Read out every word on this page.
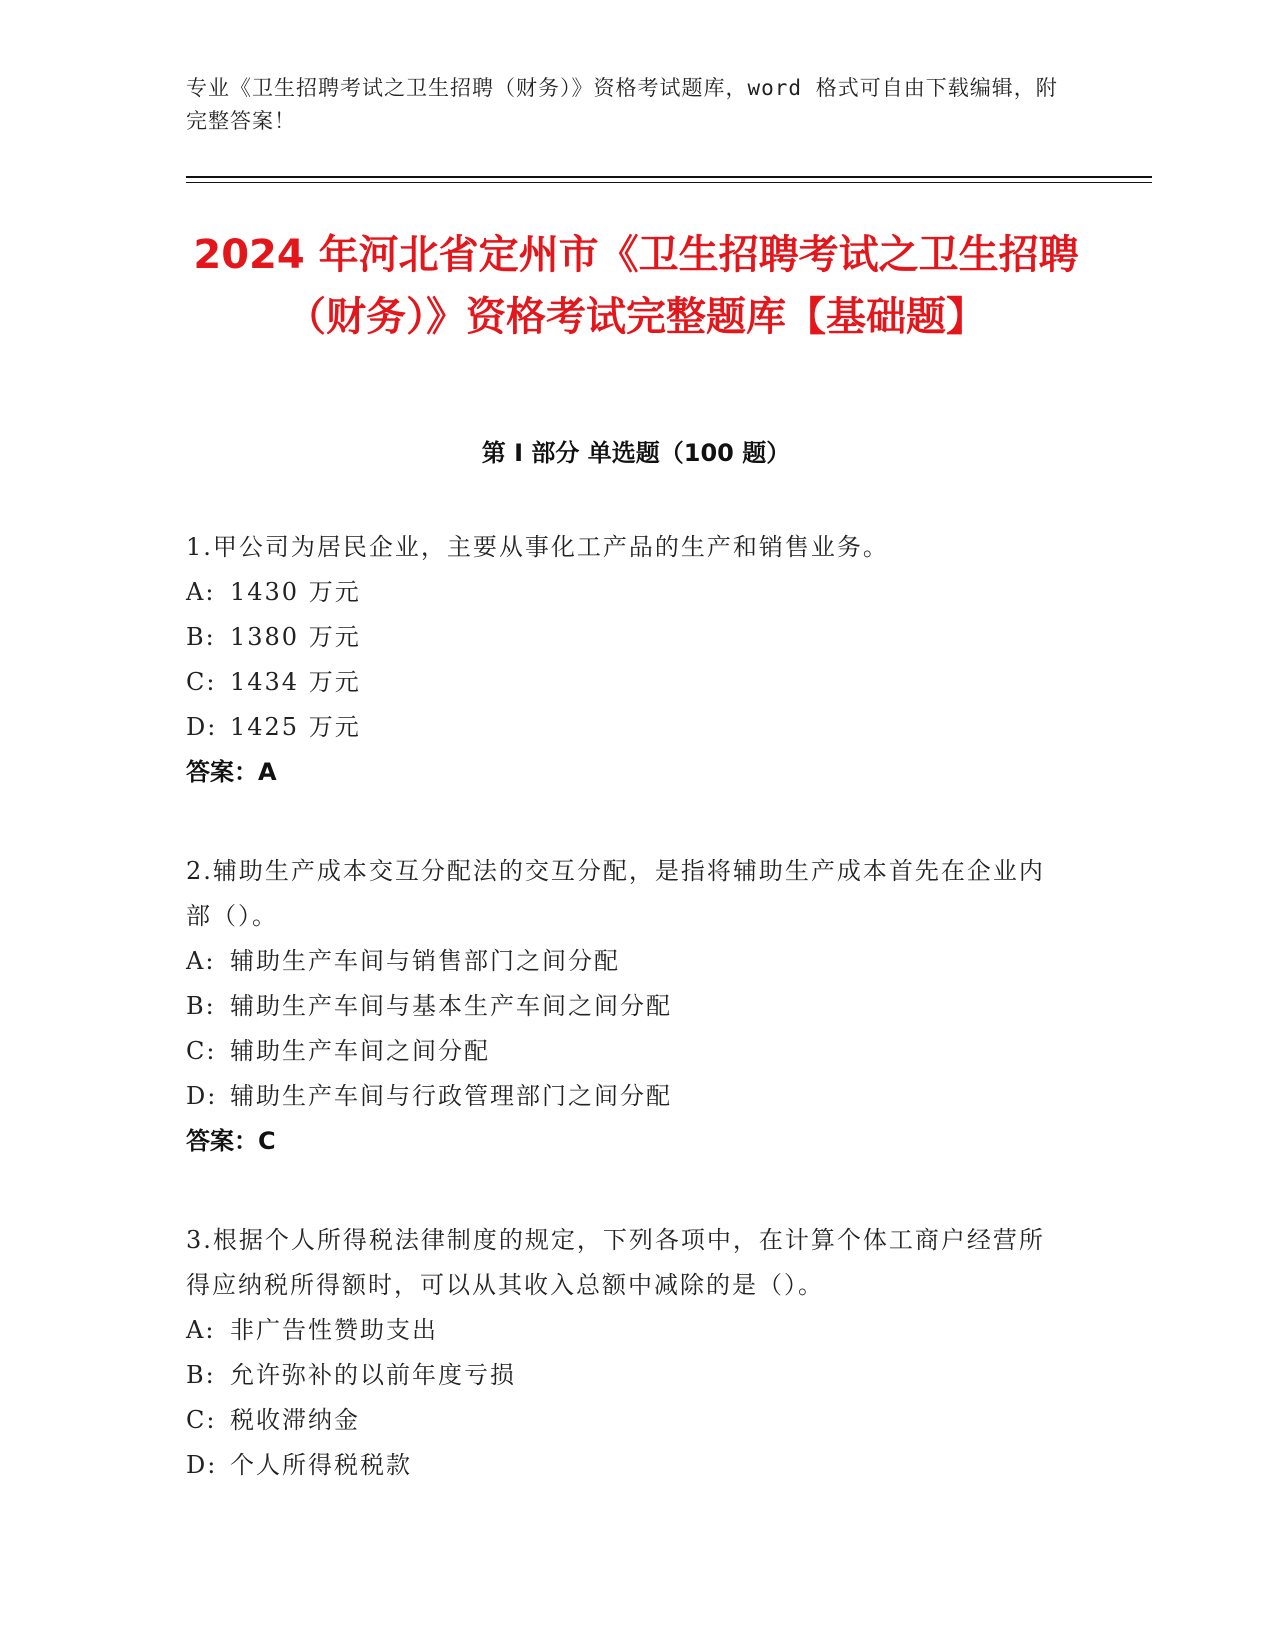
专业《卫生招聘考试之卫生招聘（财务）》资格考试题库，word 格式可自由下载编辑，附完整答案！
2024 年河北省定州市《卫生招聘考试之卫生招聘（财务）》资格考试完整题库【基础题】
第 I 部分 单选题（100 题）
1.甲公司为居民企业，主要从事化工产品的生产和销售业务。
A: 1430 万元
B: 1380 万元
C: 1434 万元
D: 1425 万元
答案：A
2.辅助生产成本交互分配法的交互分配，是指将辅助生产成本首先在企业内部（）。
A: 辅助生产车间与销售部门之间分配
B: 辅助生产车间与基本生产车间之间分配
C: 辅助生产车间之间分配
D: 辅助生产车间与行政管理部门之间分配
答案：C
3.根据个人所得税法律制度的规定，下列各项中，在计算个体工商户经营所得应纳税所得额时，可以从其收入总额中减除的是（）。
A: 非广告性赞助支出
B: 允许弥补的以前年度亏损
C: 税收滞纳金
D: 个人所得税税款
